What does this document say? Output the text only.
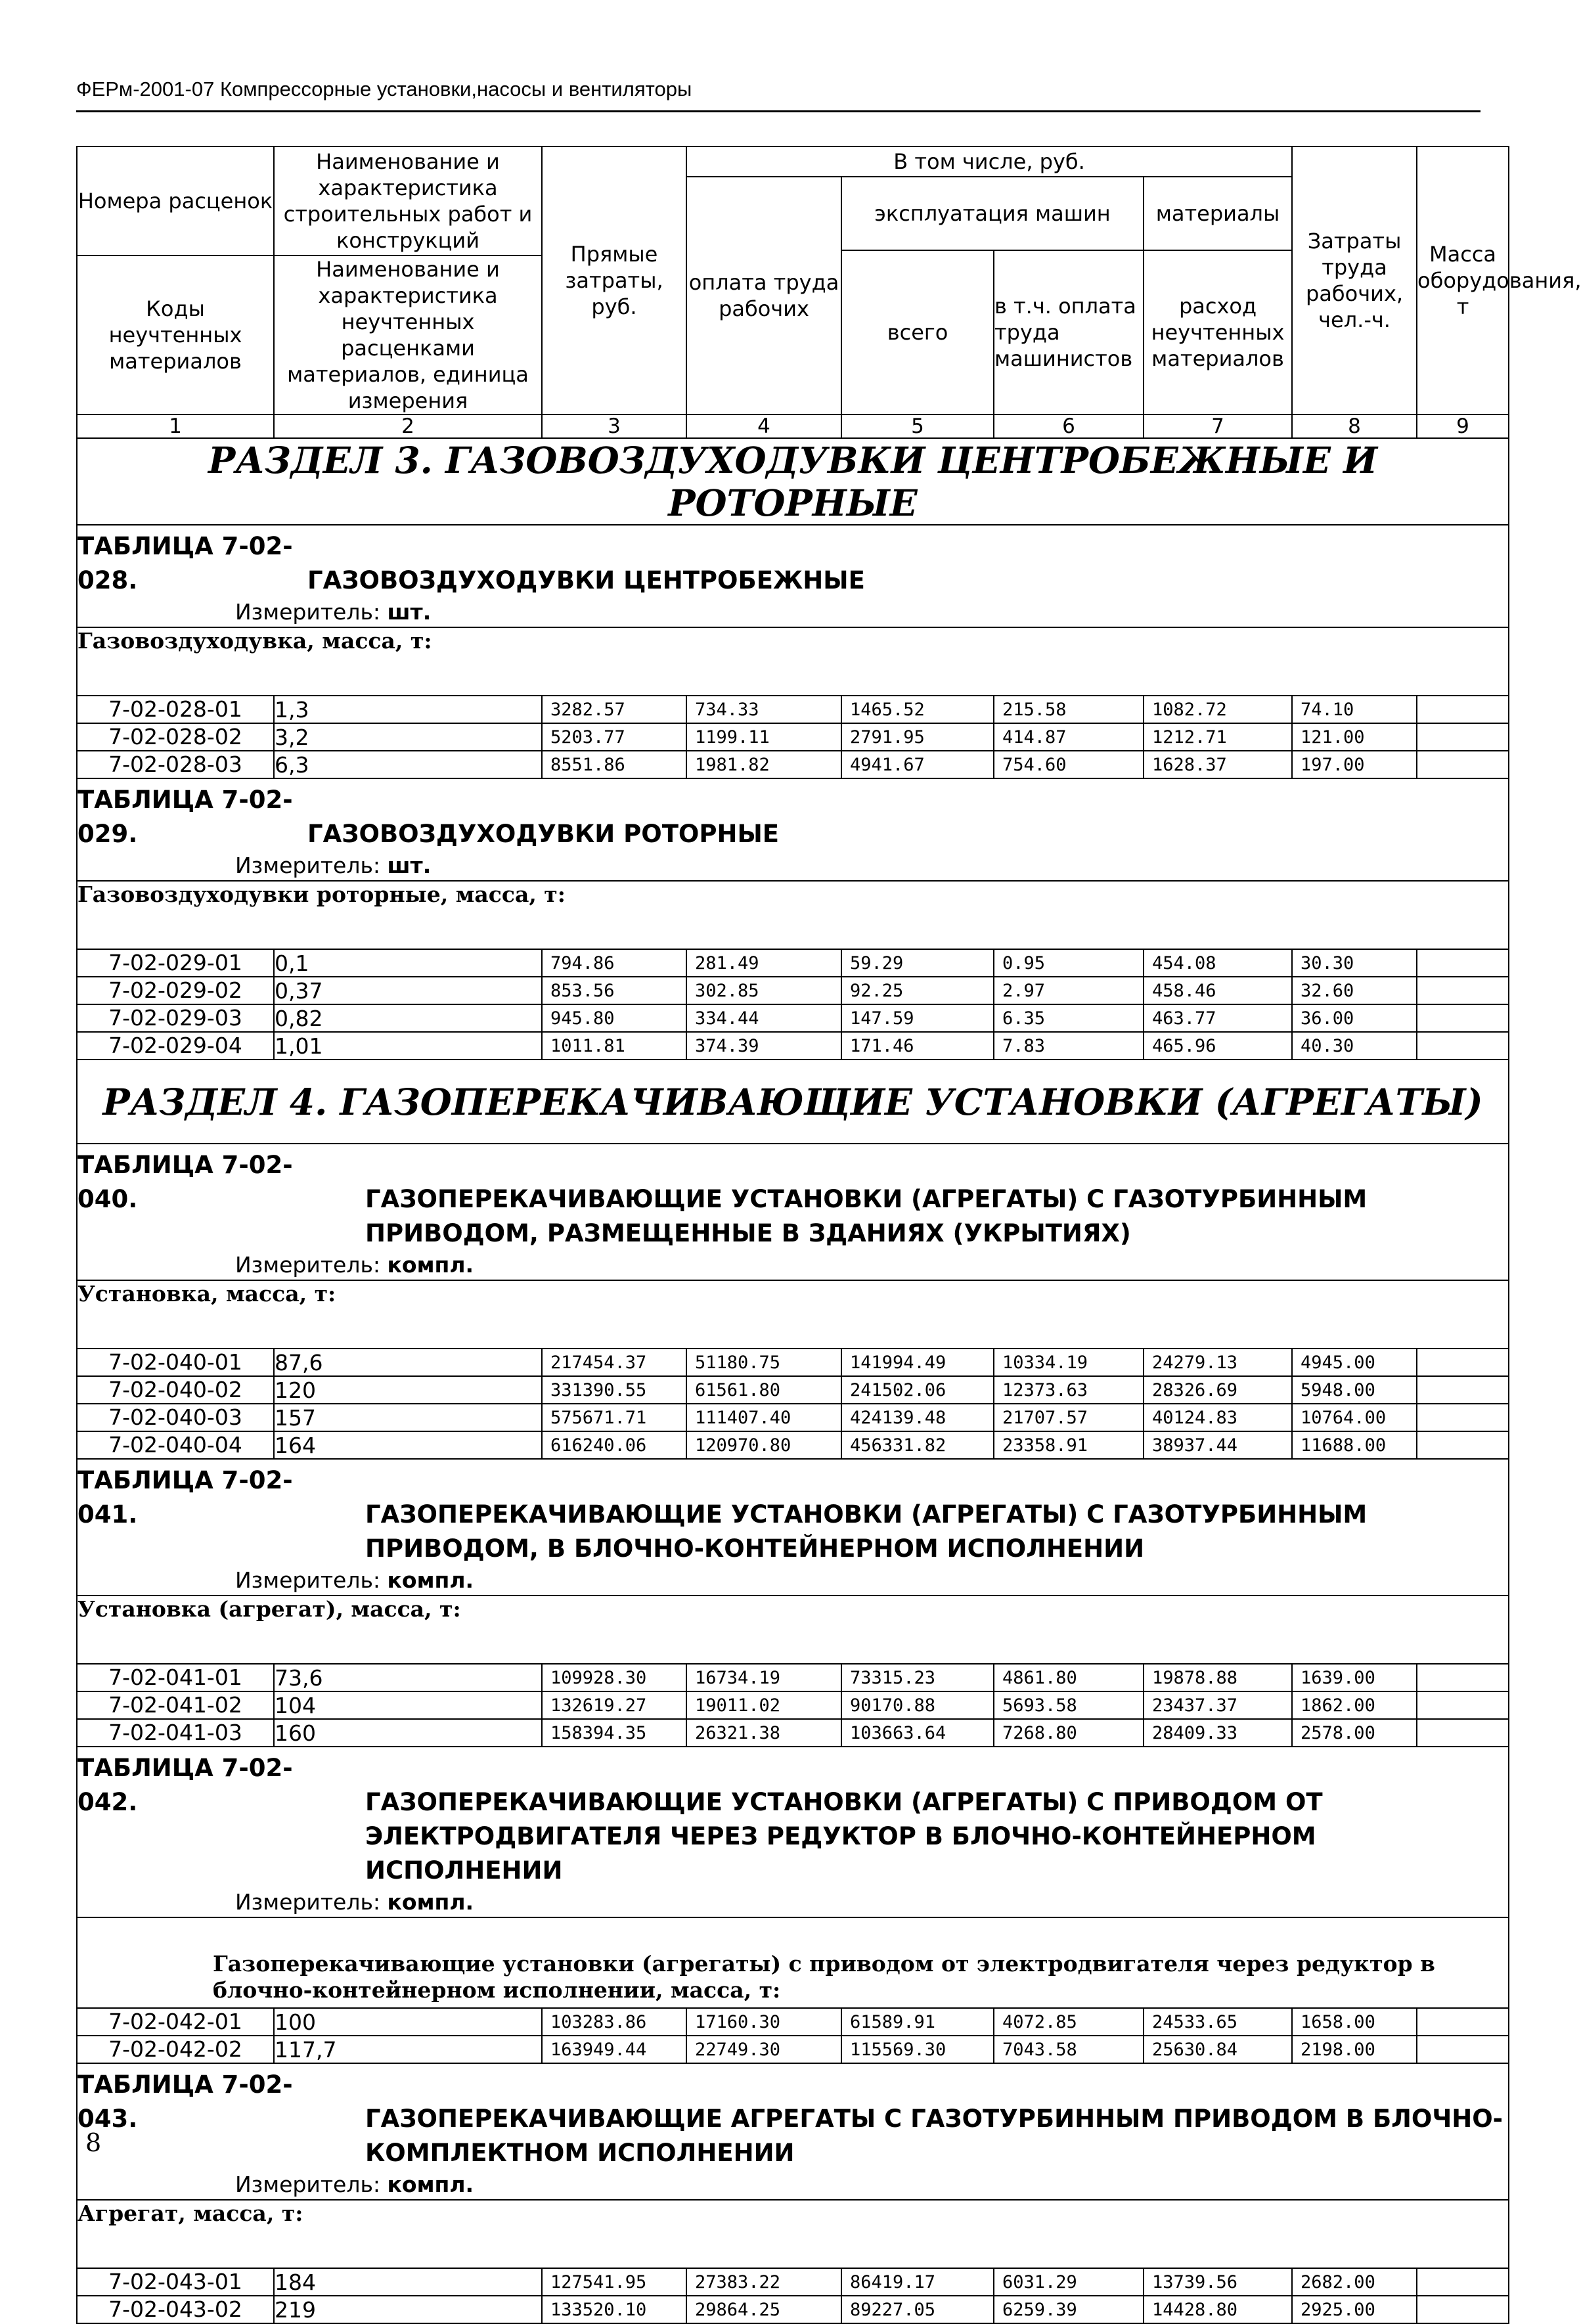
ФЕРм-2001-07 Компрессорные установки,насосы и вентиляторы
Номера расценок	Наименование и характеристика строительных работ и конструкций	Прямые затраты, руб.	В том числе, руб.				Затраты труда рабочих, чел.-ч.	Масса оборудования, т
			оплата труда рабочих	эксплуатация машин		материалы		
				всего	в т.ч. оплата труда машинистов	расход неучтенных материалов		
Коды неучтенных материалов	Наименование и характеристика неучтенных расценками материалов, единица измерения							

1	2	3	4	5	6	7	8	9
РАЗДЕЛ 3. ГАЗОВОЗДУХОДУВКИ ЦЕНТРОБЕЖНЫЕ И РОТОРНЫЕ								

ТАБЛИЦА 7-02-028. ГАЗОВОЗДУХОДУВКИ ЦЕНТРОБЕЖНЫЕ
Измеритель: шт.								

Газовоздуходувка, масса, т:								
7-02-028-01	1,3	3282.57	734.33	1465.52	215.58	1082.72	74.10	
7-02-028-02	3,2	5203.77	1199.11	2791.95	414.87	1212.71	121.00	
7-02-028-03	6,3	8551.86	1981.82	4941.67	754.60	1628.37	197.00	

ТАБЛИЦА 7-02-029. ГАЗОВОЗДУХОДУВКИ РОТОРНЫЕ
Измеритель: шт.								

Газовоздуходувки роторные, масса, т:								
7-02-029-01	0,1	794.86	281.49	59.29	0.95	454.08	30.30	
7-02-029-02	0,37	853.56	302.85	92.25	2.97	458.46	32.60	
7-02-029-03	0,82	945.80	334.44	147.59	6.35	463.77	36.00	
7-02-029-04	1,01	1011.81	374.39	171.46	7.83	465.96	40.30	
РАЗДЕЛ 4. ГАЗОПЕРЕКАЧИВАЮЩИЕ УСТАНОВКИ (АГРЕГАТЫ)								

ТАБЛИЦА 7-02-040. ГАЗОПЕРЕКАЧИВАЮЩИЕ УСТАНОВКИ (АГРЕГАТЫ) С ГАЗОТУРБИННЫМ ПРИВОДОМ, РАЗМЕЩЕННЫЕ В ЗДАНИЯХ (УКРЫТИЯХ)
Измеритель: компл.								

Установка, масса, т:								
7-02-040-01	87,6	217454.37	51180.75	141994.49	10334.19	24279.13	4945.00	
7-02-040-02	120	331390.55	61561.80	241502.06	12373.63	28326.69	5948.00	
7-02-040-03	157	575671.71	111407.40	424139.48	21707.57	40124.83	10764.00	
7-02-040-04	164	616240.06	120970.80	456331.82	23358.91	38937.44	11688.00	

ТАБЛИЦА 7-02-041. ГАЗОПЕРЕКАЧИВАЮЩИЕ УСТАНОВКИ (АГРЕГАТЫ) С ГАЗОТУРБИННЫМ ПРИВОДОМ, В БЛОЧНО-КОНТЕЙНЕРНОМ ИСПОЛНЕНИИ
Измеритель: компл.								

Установка (агрегат), масса, т:								
7-02-041-01	73,6	109928.30	16734.19	73315.23	4861.80	19878.88	1639.00	
7-02-041-02	104	132619.27	19011.02	90170.88	5693.58	23437.37	1862.00	
7-02-041-03	160	158394.35	26321.38	103663.64	7268.80	28409.33	2578.00	

ТАБЛИЦА 7-02-042. ГАЗОПЕРЕКАЧИВАЮЩИЕ УСТАНОВКИ (АГРЕГАТЫ) С ПРИВОДОМ ОТ ЭЛЕКТРОДВИГАТЕЛЯ ЧЕРЕЗ РЕДУКТОР В БЛОЧНО-КОНТЕЙНЕРНОМ ИСПОЛНЕНИИ
Измеритель: компл.								

Газоперекачивающие установки (агрегаты) с приводом от электродвигателя через редуктор в блочно-контейнерном исполнении, масса, т:								
7-02-042-01	100	103283.86	17160.30	61589.91	4072.85	24533.65	1658.00	
7-02-042-02	117,7	163949.44	22749.30	115569.30	7043.58	25630.84	2198.00	

ТАБЛИЦА 7-02-043. ГАЗОПЕРЕКАЧИВАЮЩИЕ АГРЕГАТЫ С ГАЗОТУРБИННЫМ ПРИВОДОМ В БЛОЧНО-КОМПЛЕКТНОМ ИСПОЛНЕНИИ
Измеритель: компл.								

Агрегат, масса, т:								
7-02-043-01	184	127541.95	27383.22	86419.17	6031.29	13739.56	2682.00	
7-02-043-02	219	133520.10	29864.25	89227.05	6259.39	14428.80	2925.00	
8
